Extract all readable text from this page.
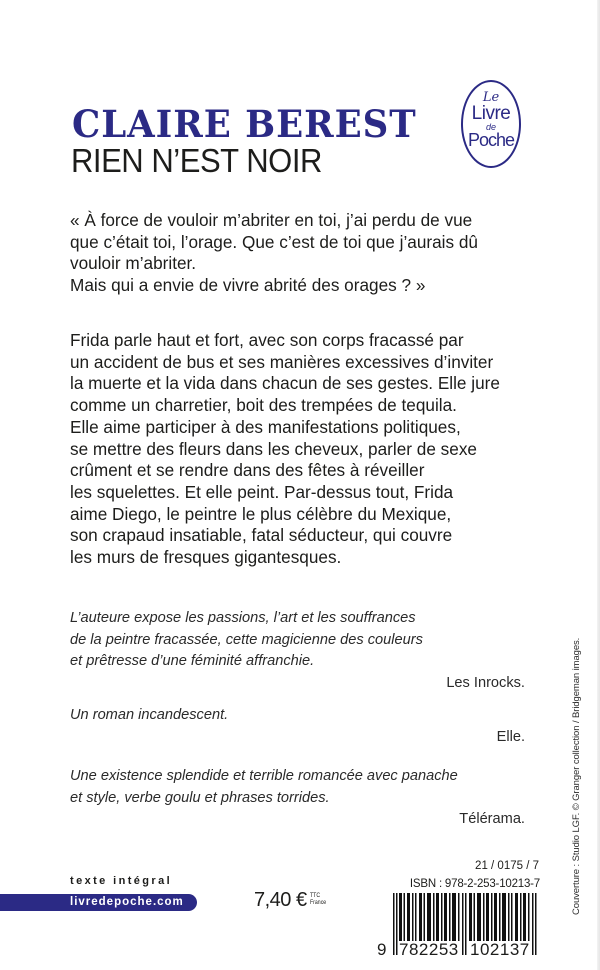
CLAIRE BEREST
RIEN N’EST NOIR
Le
Livre
de
Poche
« À force de vouloir m’abriter en toi, j’ai perdu de vue
que c’était toi, l’orage. Que c’est de toi que j’aurais dû
vouloir m’abriter.
Mais qui a envie de vivre abrité des orages ? »
Frida parle haut et fort, avec son corps fracassé par
un accident de bus et ses manières excessives d’inviter
la muerte et la vida dans chacun de ses gestes. Elle jure
comme un charretier, boit des trempées de tequila.
Elle aime participer à des manifestations politiques,
se mettre des fleurs dans les cheveux, parler de sexe
crûment et se rendre dans des fêtes à réveiller
les squelettes. Et elle peint. Par-dessus tout, Frida
aime Diego, le peintre le plus célèbre du Mexique,
son crapaud insatiable, fatal séducteur, qui couvre
les murs de fresques gigantesques.
L’auteure expose les passions, l’art et les souffrances
de la peintre fracassée, cette magicienne des couleurs
et prêtresse d’une féminité affranchie.
Les Inrocks.
Un roman incandescent.
Elle.
Une existence splendide et terrible romancée avec panache
et style, verbe goulu et phrases torrides.
Télérama.
texte intégral
livredepoche.com	7,40 € TTC
France
21 / 0175 / 7
ISBN : 978-2-253-10213-7
9 782253 102137
Couverture : Studio LGF. © Granger collection / Bridgeman images.
